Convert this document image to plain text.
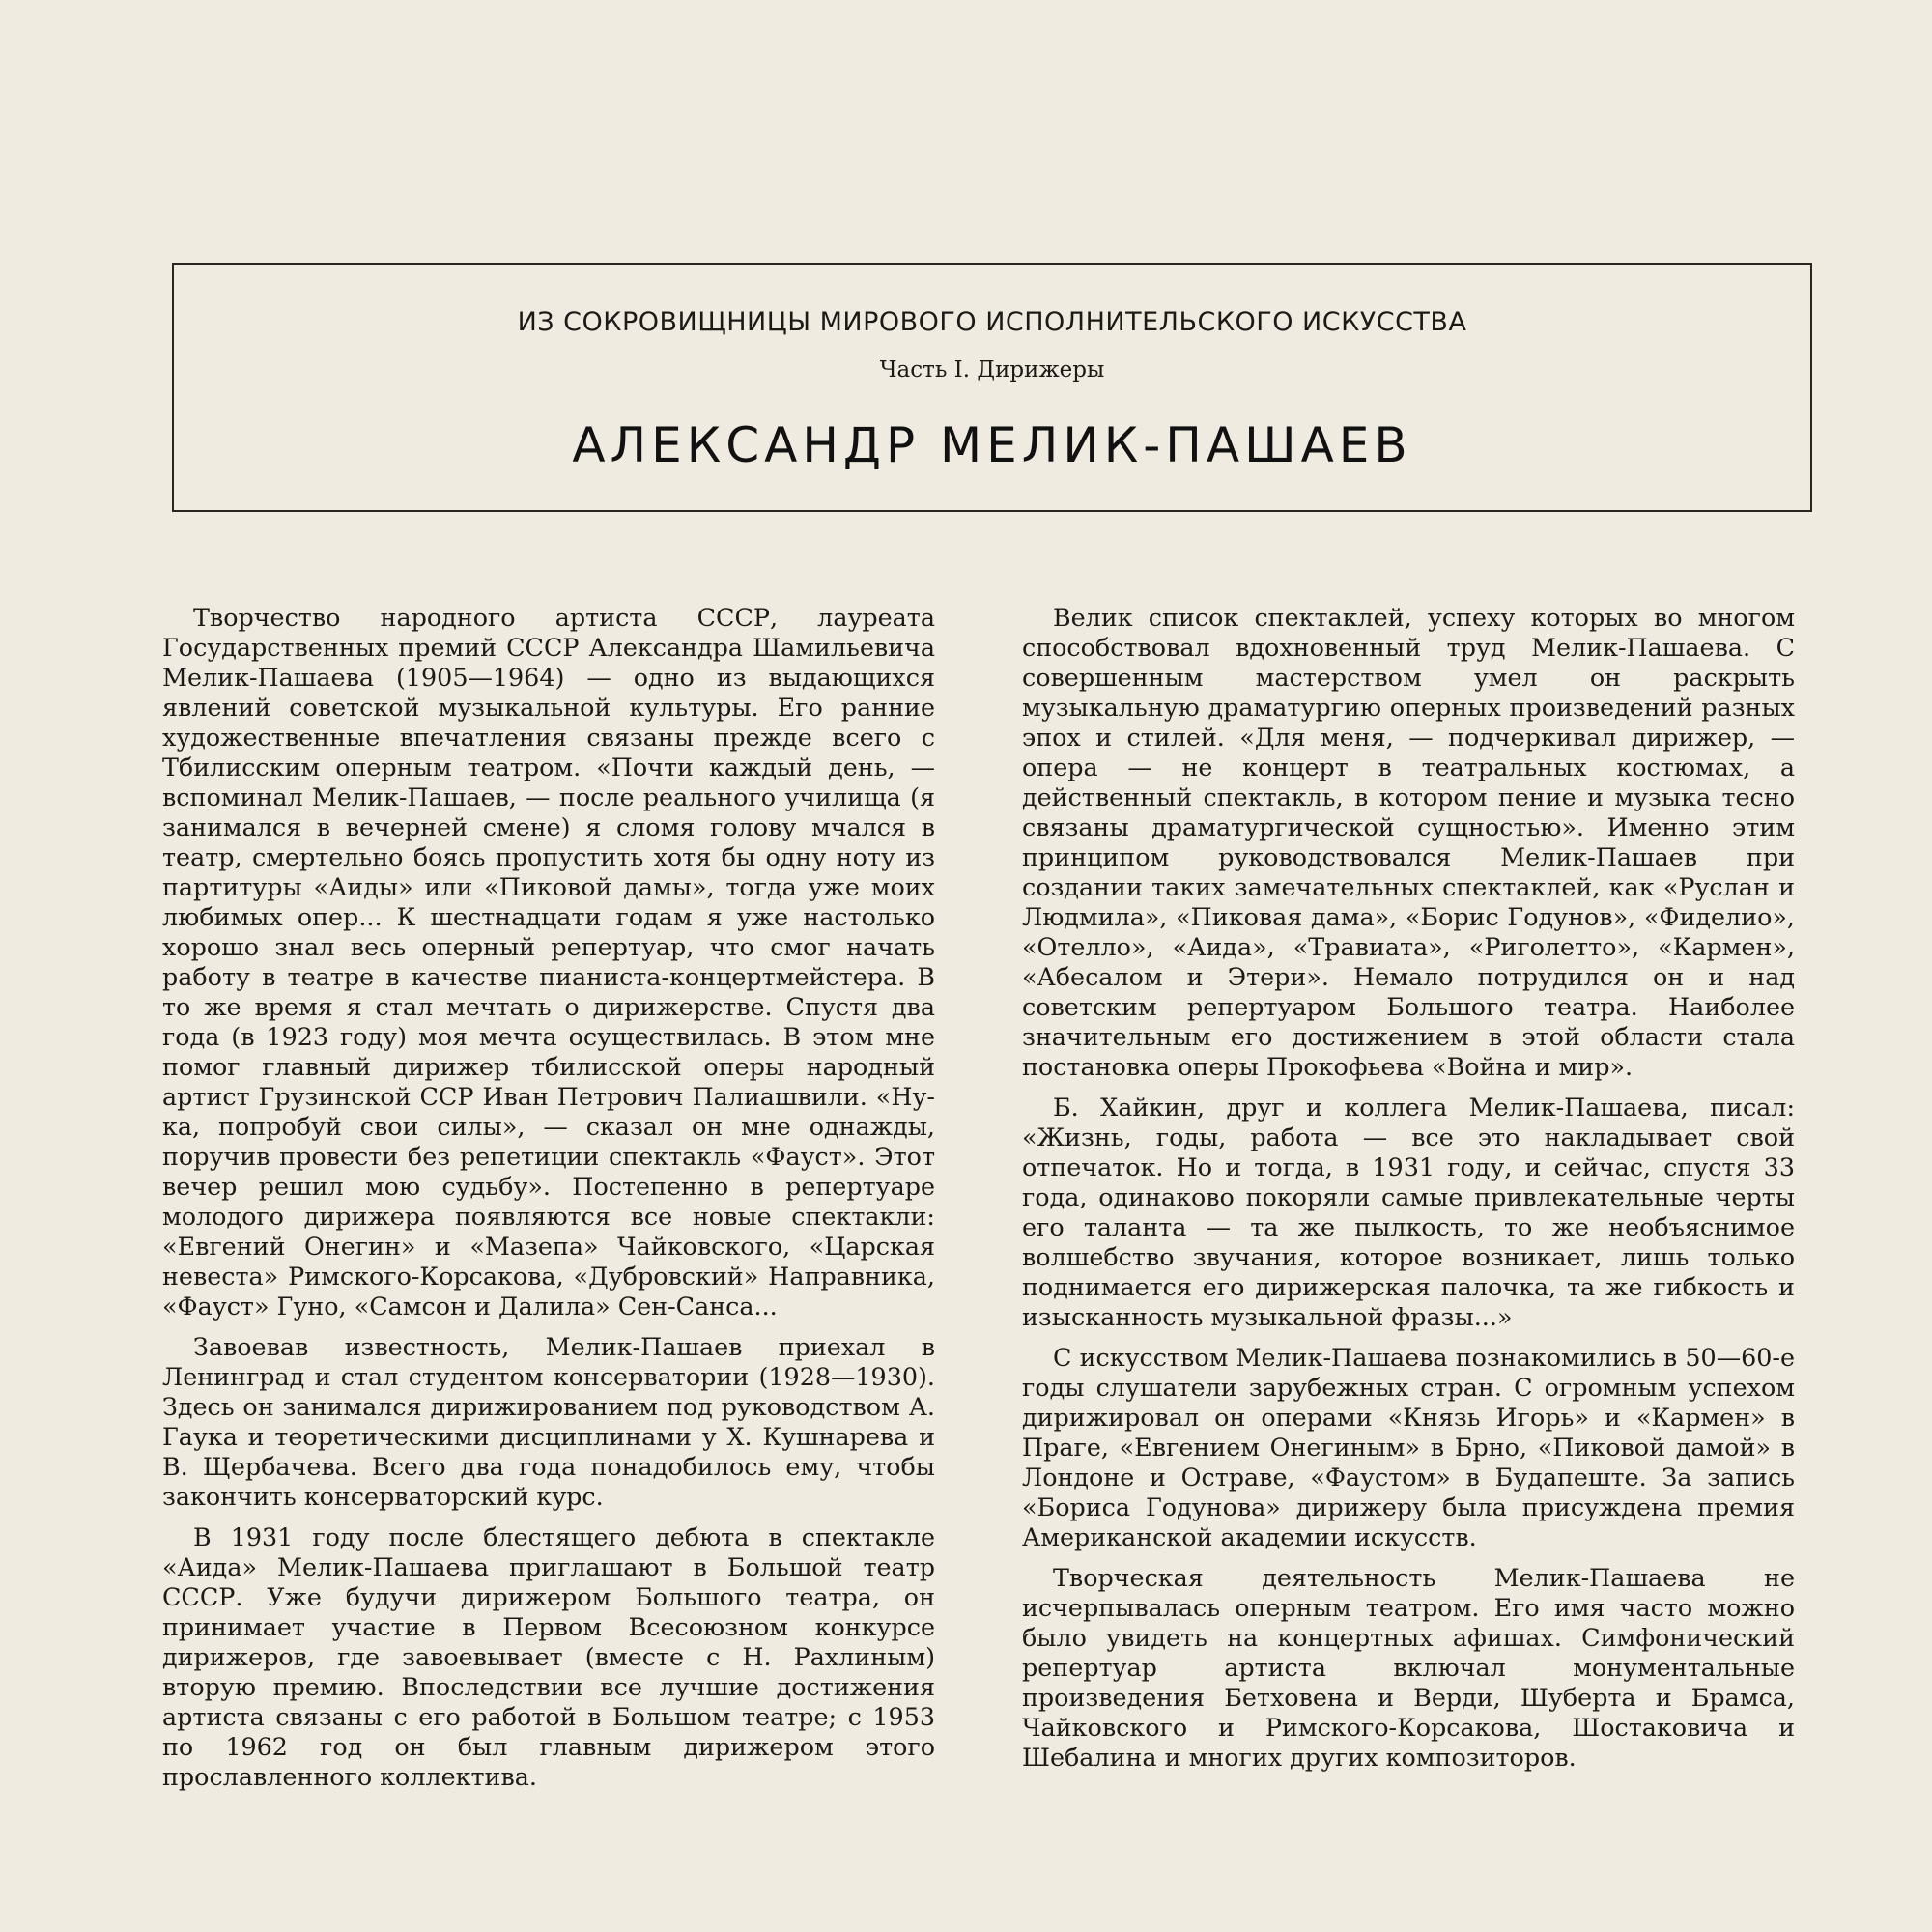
ИЗ СОКРОВИЩНИЦЫ МИРОВОГО ИСПОЛНИТЕЛЬСКОГО ИСКУССТВА
Часть I. Дирижеры
АЛЕКСАНДР МЕЛИК-ПАШАЕВ

Творчество народного артиста СССР, лауреата Государственных премий СССР Александра Шамильевича Мелик-Пашаева (1905—1964) — одно из выдающихся явлений советской музыкальной культуры. Его ранние художественные впечатления связаны прежде всего с Тбилисским оперным театром. «Почти каждый день, — вспоминал Мелик-Пашаев, — после реального училища (я занимался в вечерней смене) я сломя голову мчался в театр, смертельно боясь пропустить хотя бы одну ноту из партитуры «Аиды» или «Пиковой дамы», тогда уже моих любимых опер... К шестнадцати годам я уже настолько хорошо знал весь оперный репертуар, что смог начать работу в театре в качестве пианиста-концертмейстера. В то же время я стал мечтать о дирижерстве. Спустя два года (в 1923 году) моя мечта осуществилась. В этом мне помог главный дирижер тбилисской оперы народный артист Грузинской ССР Иван Петрович Палиашвили. «Ну-ка, попробуй свои силы», — сказал он мне однажды, поручив провести без репетиции спектакль «Фауст». Этот вечер решил мою судьбу». Постепенно в репертуаре молодого дирижера появляются все новые спектакли: «Евгений Онегин» и «Мазепа» Чайковского, «Царская невеста» Римского-Корсакова, «Дубровский» Направника, «Фауст» Гуно, «Самсон и Далила» Сен-Санса...

Завоевав известность, Мелик-Пашаев приехал в Ленинград и стал студентом консерватории (1928—1930). Здесь он занимался дирижированием под руководством А. Гаука и теоретическими дисциплинами у Х. Кушнарева и В. Щербачева. Всего два года понадобилось ему, чтобы закончить консерваторский курс.

В 1931 году после блестящего дебюта в спектакле «Аида» Мелик-Пашаева приглашают в Большой театр СССР. Уже будучи дирижером Большого театра, он принимает участие в Первом Всесоюзном конкурсе дирижеров, где завоевывает (вместе с Н. Рахлиным) вторую премию. Впоследствии все лучшие достижения артиста связаны с его работой в Большом театре; с 1953 по 1962 год он был главным дирижером этого прославленного коллектива.

Велик список спектаклей, успеху которых во многом способствовал вдохновенный труд Мелик-Пашаева. С совершенным мастерством умел он раскрыть музыкальную драматургию оперных произведений разных эпох и стилей. «Для меня, — подчеркивал дирижер, — опера — не концерт в театральных костюмах, а действенный спектакль, в котором пение и музыка тесно связаны драматургической сущностью». Именно этим принципом руководствовался Мелик-Пашаев при создании таких замечательных спектаклей, как «Руслан и Людмила», «Пиковая дама», «Борис Годунов», «Фиделио», «Отелло», «Аида», «Травиата», «Риголетто», «Кармен», «Абесалом и Этери». Немало потрудился он и над советским репертуаром Большого театра. Наиболее значительным его достижением в этой области стала постановка оперы Прокофьева «Война и мир».

Б. Хайкин, друг и коллега Мелик-Пашаева, писал: «Жизнь, годы, работа — все это накладывает свой отпечаток. Но и тогда, в 1931 году, и сейчас, спустя 33 года, одинаково покоряли самые привлекательные черты его таланта — та же пылкость, то же необъяснимое волшебство звучания, которое возникает, лишь только поднимается его дирижерская палочка, та же гибкость и изысканность музыкальной фразы...»

С искусством Мелик-Пашаева познакомились в 50—60-е годы слушатели зарубежных стран. С огромным успехом дирижировал он операми «Князь Игорь» и «Кармен» в Праге, «Евгением Онегиным» в Брно, «Пиковой дамой» в Лондоне и Остраве, «Фаустом» в Будапеште. За запись «Бориса Годунова» дирижеру была присуждена премия Американской академии искусств.

Творческая деятельность Мелик-Пашаева не исчерпывалась оперным театром. Его имя часто можно было увидеть на концертных афишах. Симфонический репертуар артиста включал монументальные произведения Бетховена и Верди, Шуберта и Брамса, Чайковского и Римского-Корсакова, Шостаковича и Шебалина и многих других композиторов.
